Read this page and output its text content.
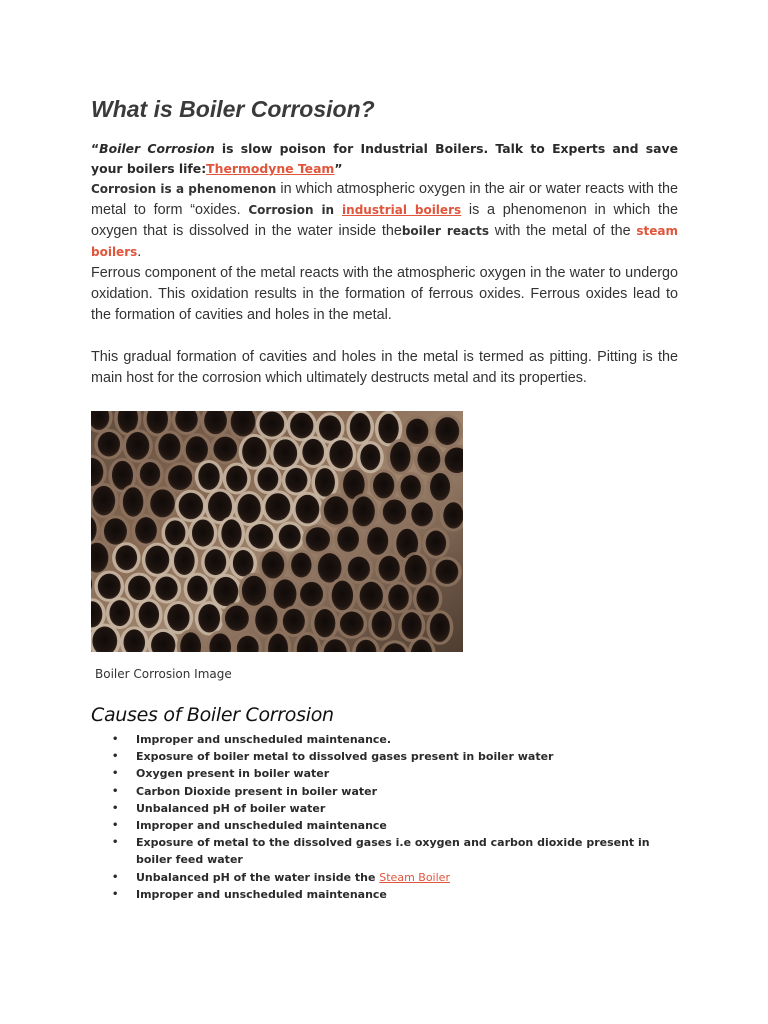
What is Boiler Corrosion?
“Boiler Corrosion is slow poison for Industrial Boilers. Talk to Experts and save your boilers life:Thermodyne Team”
Corrosion is a phenomenon in which atmospheric oxygen in the air or water reacts with the metal to form “oxides. Corrosion in industrial boilers is a phenomenon in which the oxygen that is dissolved in the water inside theboiler reacts with the metal of the steam boilers.
Ferrous component of the metal reacts with the atmospheric oxygen in the water to undergo oxidation. This oxidation results in the formation of ferrous oxides. Ferrous oxides lead to the formation of cavities and holes in the metal.
This gradual formation of cavities and holes in the metal is termed as pitting. Pitting is the main host for the corrosion which ultimately destructs metal and its properties.
Boiler Corrosion Image
Causes of Boiler Corrosion
• Improper and unscheduled maintenance.
• Exposure of boiler metal to dissolved gases present in boiler water
• Oxygen present in boiler water
• Carbon Dioxide present in boiler water
• Unbalanced pH of boiler water
• Improper and unscheduled maintenance
• Exposure of metal to the dissolved gases i.e oxygen and carbon dioxide present in boiler feed water
• Unbalanced pH of the water inside the Steam Boiler
• Improper and unscheduled maintenance
